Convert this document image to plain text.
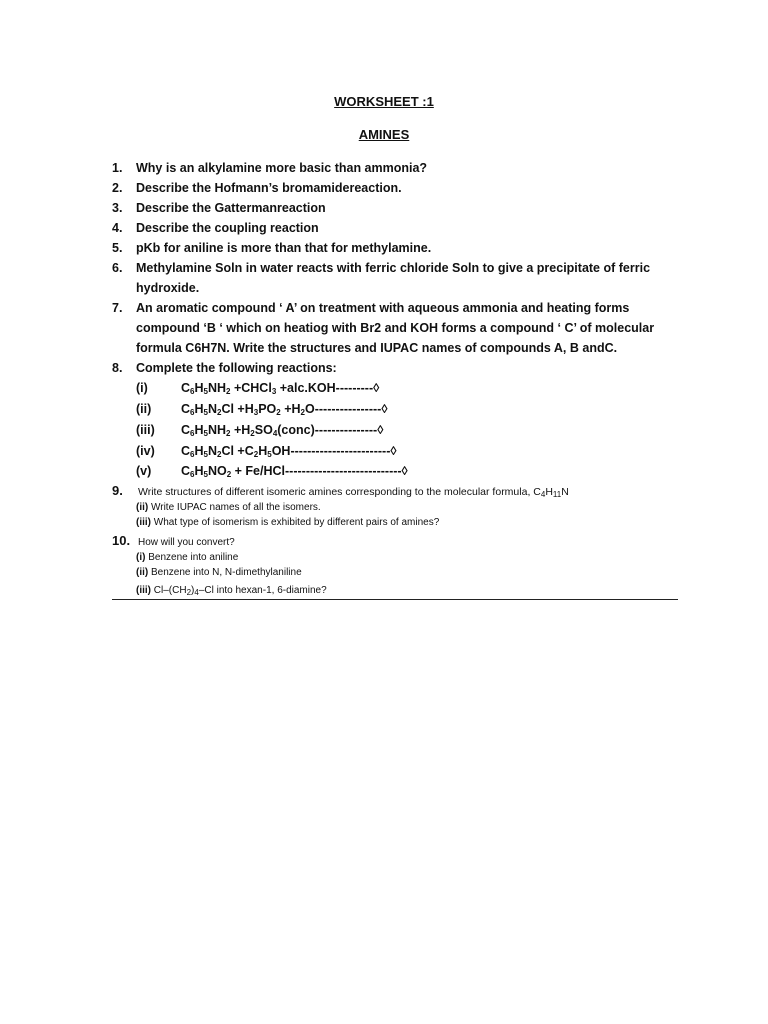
WORKSHEET :1
AMINES
1.	Why is an alkylamine more basic than ammonia?
2.	Describe the Hofmann’s bromamidereaction.
3.	Describe the Gattermanreaction
4.	Describe the coupling reaction
5.	pKb for aniline is more than that for methylamine.
6.	Methylamine Soln in water reacts with ferric chloride Soln to give a precipitate of ferric hydroxide.
7.	An aromatic compound ‘ A’ on treatment with aqueous ammonia and heating forms compound ‘B ‘ which on heatiog with Br2 and KOH forms a compound ‘ C’ of molecular formula C6H7N. Write the structures and IUPAC names of compounds A, B andC.
8.	Complete the following reactions:
(i)	$C_6H_5NH_2$ +CHCl$_3$ +alc.KOH---------◊
(ii)	$C_6H_5N_2Cl +H_3PO_2$ $+H_2O----------------◊$
(iii)	$C_6H_5NH_2$ $+H_2SO_4(conc)---------------◊$
(iv)	$C_6H_5N_2Cl$ $+C_2H_5OH------------------------◊$
(v)	$C_6H_5NO_2$ + Fe/HCl----------------------------◊
9. Write structures of different isomeric amines corresponding to the molecular formula, $C_4H_{11}N$
(ii) Write IUPAC names of all the isomers.
(iii) What type of isomerism is exhibited by different pairs of amines?
10. How will you convert?
(i) Benzene into aniline
(ii) Benzene into N, N-dimethylaniline
(iii) $Cl-(CH_2)_4-Cl$ into hexan-1, 6-diamine?
